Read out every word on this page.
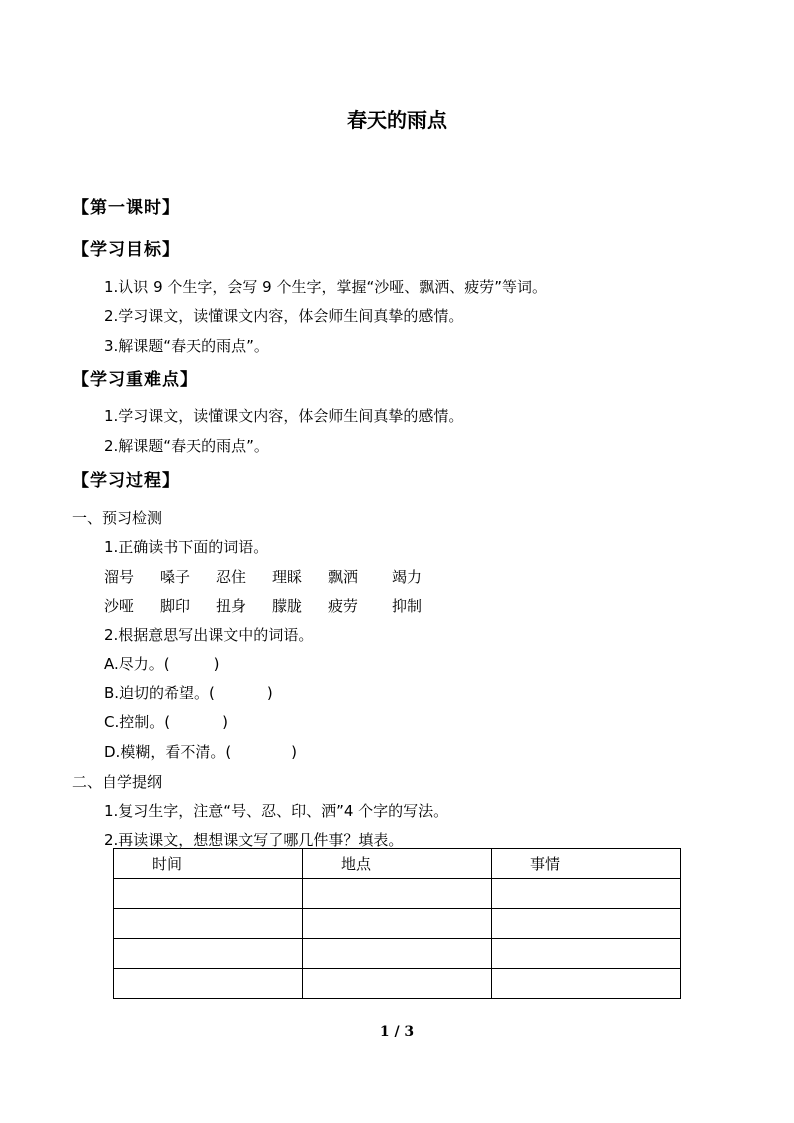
春天的雨点
【第一课时】
【学习目标】
1.认识 9 个生字，会写 9 个生字，掌握“沙哑、飘洒、疲劳”等词。
2.学习课文，读懂课文内容，体会师生间真挚的感情。
3.解课题“春天的雨点”。
【学习重难点】
1.学习课文，读懂课文内容，体会师生间真挚的感情。
2.解课题“春天的雨点”。
【学习过程】
一、预习检测
1.正确读书下面的词语。
溜号 嗓子 忍住 理睬 飘洒 竭力
沙哑 脚印 扭身 朦胧 疲劳 抑制
2.根据意思写出课文中的词语。
A.尽力。(	)
B.迫切的希望。(	)
C.控制。(	)
D.模糊，看不清。(	)
二、自学提纲
1.复习生字，注意“号、忍、印、洒”4 个字的写法。
2.再读课文，想想课文写了哪几件事？填表。
时间	地点	事情

1 / 3
